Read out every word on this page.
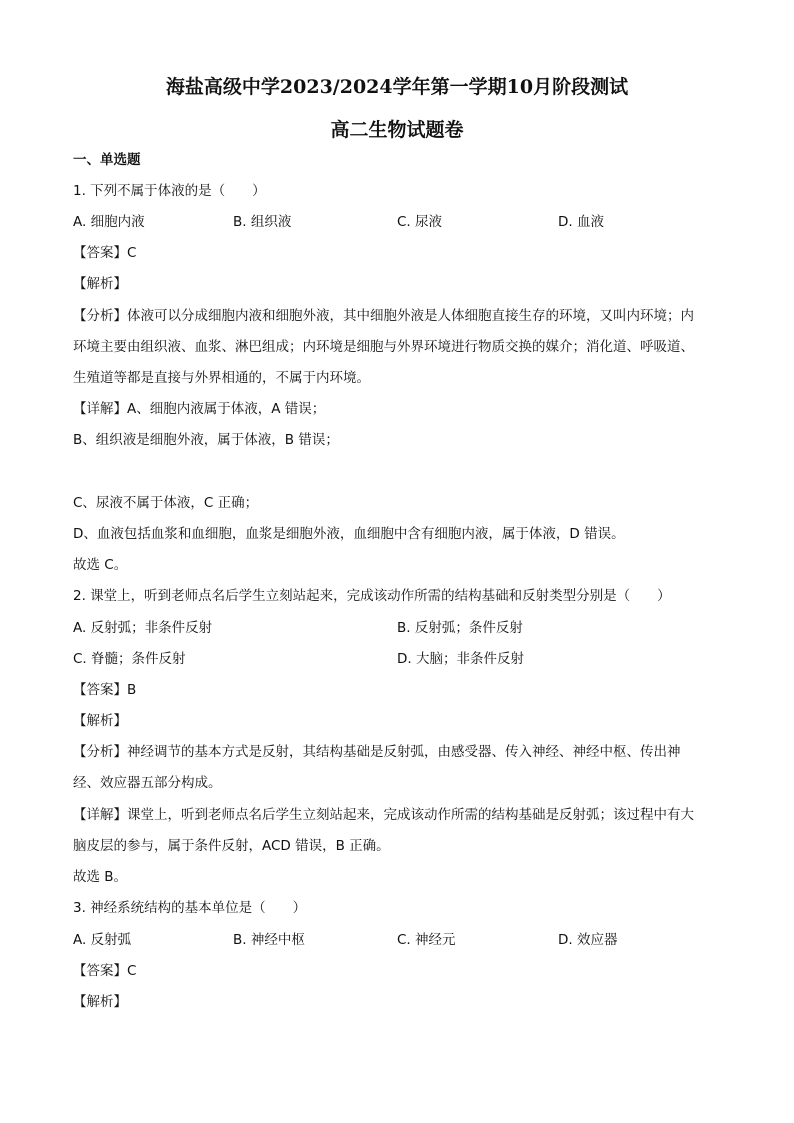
海盐高级中学2023/2024学年第一学期10月阶段测试
高二生物试题卷
一、单选题
1. 下列不属于体液的是（　　）
A. 细胞内液	B. 组织液	C. 尿液	D. 血液
【答案】C
【解析】
【分析】体液可以分成细胞内液和细胞外液，其中细胞外液是人体细胞直接生存的环境，又叫内环境；内
环境主要由组织液、血浆、淋巴组成；内环境是细胞与外界环境进行物质交换的媒介；消化道、呼吸道、
生殖道等都是直接与外界相通的，不属于内环境。
【详解】A、细胞内液属于体液，A 错误；
B、组织液是细胞外液，属于体液，B 错误；
C、尿液不属于体液，C 正确；
D、血液包括血浆和血细胞，血浆是细胞外液，血细胞中含有细胞内液，属于体液，D 错误。
故选 C。
2. 课堂上，听到老师点名后学生立刻站起来，完成该动作所需的结构基础和反射类型分别是（　　）
A. 反射弧；非条件反射	B. 反射弧；条件反射
C. 脊髓；条件反射	D. 大脑；非条件反射
【答案】B
【解析】
【分析】神经调节的基本方式是反射，其结构基础是反射弧，由感受器、传入神经、神经中枢、传出神
经、效应器五部分构成。
【详解】课堂上，听到老师点名后学生立刻站起来，完成该动作所需的结构基础是反射弧；该过程中有大
脑皮层的参与，属于条件反射，ACD 错误，B 正确。
故选 B。
3. 神经系统结构的基本单位是（　　）
A. 反射弧	B. 神经中枢	C. 神经元	D. 效应器
【答案】C
【解析】
